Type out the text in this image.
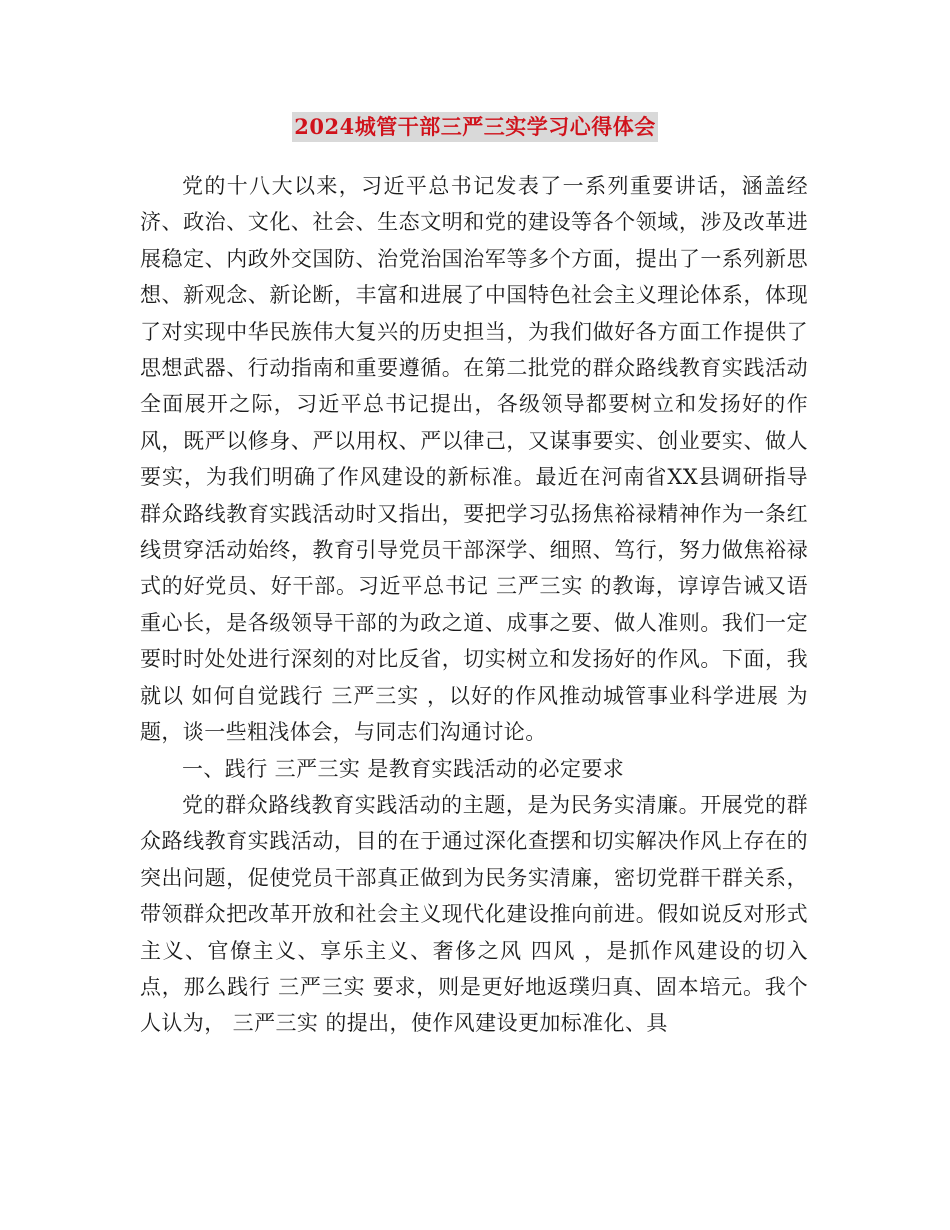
2024城管干部三严三实学习心得体会

党的十八大以来，习近平总书记发表了一系列重要讲话，涵盖经济、政治、文化、社会、生态文明和党的建设等各个领域，涉及改革进展稳定、内政外交国防、治党治国治军等多个方面，提出了一系列新思想、新观念、新论断，丰富和进展了中国特色社会主义理论体系，体现了对实现中华民族伟大复兴的历史担当，为我们做好各方面工作提供了思想武器、行动指南和重要遵循。在第二批党的群众路线教育实践活动全面展开之际，习近平总书记提出，各级领导都要树立和发扬好的作风，既严以修身、严以用权、严以律己，又谋事要实、创业要实、做人要实，为我们明确了作风建设的新标准。最近在河南省XX县调研指导群众路线教育实践活动时又指出，要把学习弘扬焦裕禄精神作为一条红线贯穿活动始终，教育引导党员干部深学、细照、笃行，努力做焦裕禄式的好党员、好干部。习近平总书记 三严三实 的教诲，谆谆告诫又语重心长，是各级领导干部的为政之道、成事之要、做人准则。我们一定要时时处处进行深刻的对比反省，切实树立和发扬好的作风。下面，我就以 如何自觉践行 三严三实 ，以好的作风推动城管事业科学进展 为题，谈一些粗浅体会，与同志们沟通讨论。

一、践行 三严三实 是教育实践活动的必定要求

党的群众路线教育实践活动的主题，是为民务实清廉。开展党的群众路线教育实践活动，目的在于通过深化查摆和切实解决作风上存在的突出问题，促使党员干部真正做到为民务实清廉，密切党群干群关系，带领群众把改革开放和社会主义现代化建设推向前进。假如说反对形式主义、官僚主义、享乐主义、奢侈之风 四风 ，是抓作风建设的切入点，那么践行 三严三实 要求，则是更好地返璞归真、固本培元。我个人认为， 三严三实 的提出，使作风建设更加标准化、具
